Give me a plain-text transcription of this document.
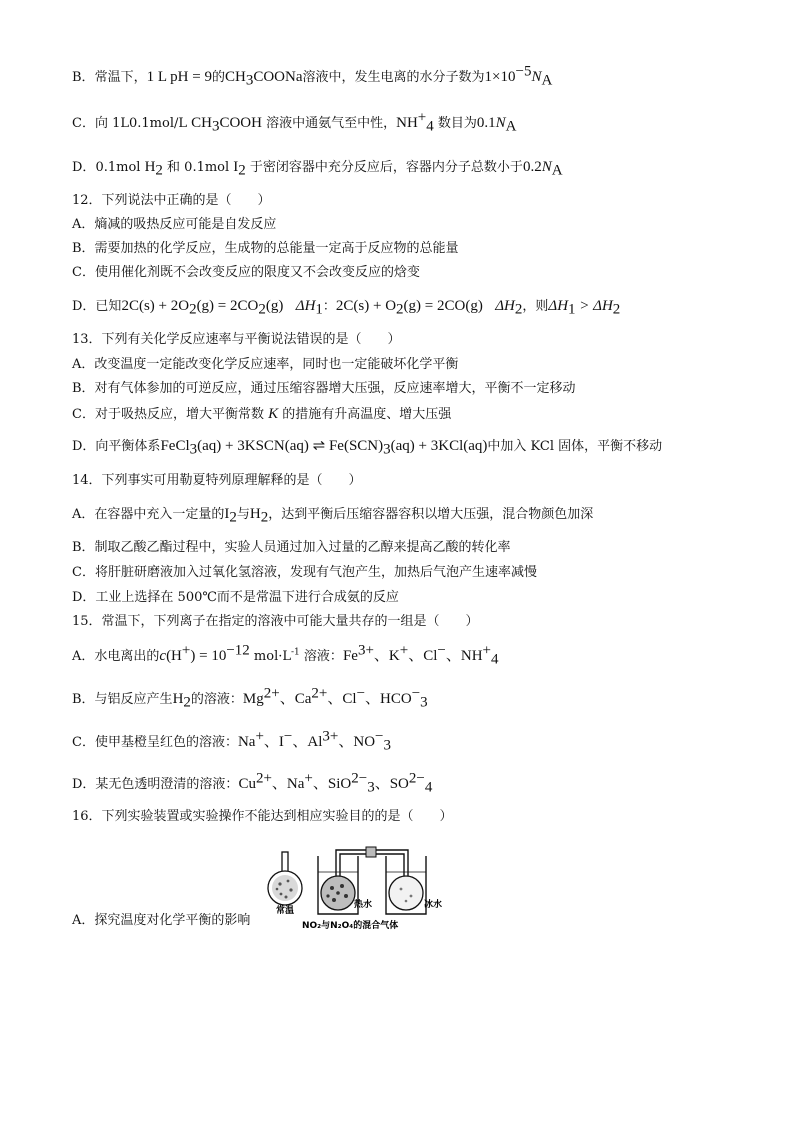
B．常温下，1 L pH = 9的$CH_3COONa$溶液中，发生电离的水分子数为$1\times 10^{-5}N_A$
C．向 1L0.1mol/L $CH_3COOH$ 溶液中通氨气至中性，$NH^+_4$ 数目为$0.1N_A$
D．0.1mol $H_2$ 和 0.1mol $I_2$ 于密闭容器中充分反应后，容器内分子总数小于$0.2N_A$
12．下列说法中正确的是（　　）
A．熵减的吸热反应可能是自发反应
B．需要加热的化学反应，生成物的总能量一定高于反应物的总能量
C．使用催化剂既不会改变反应的限度又不会改变反应的焓变
D．已知$2C(s) + 2O_2(g) = 2CO_2(g)$ $\Delta H_1$：$2C(s) + O_2(g) = 2CO(g)$ $\Delta H_2$，则$\Delta H_1 > \Delta H_2$
13．下列有关化学反应速率与平衡说法错误的是（　　）
A．改变温度一定能改变化学反应速率，同时也一定能破坏化学平衡
B．对有气体参加的可逆反应，通过压缩容器增大压强，反应速率增大，平衡不一定移动
C．对于吸热反应，增大平衡常数 K 的措施有升高温度、增大压强
D．向平衡体系FeCl$_3$(aq) + 3KSCN(aq) ⇌ $Fe(SCN)_3(aq) + 3KCl(aq)$中加入 KCl 固体，平衡不移动
14．下列事实可用勒夏特列原理解释的是（　　）
A．在容器中充入一定量的$I_2$与$H_2$，达到平衡后压缩容器容积以增大压强，混合物颜色加深
B．制取乙酸乙酯过程中，实验人员通过加入过量的乙醇来提高乙酸的转化率
C．将肝脏研磨液加入过氧化氢溶液，发现有气泡产生，加热后气泡产生速率减慢
D．工业上选择在 500℃而不是常温下进行合成氨的反应
15．常温下，下列离子在指定的溶液中可能大量共存的一组是（　　）
A．水电离出的$c(H^+) = 10^{-12}$ $mol\cdot L^{-1}$ 溶液：$Fe^{3+}$、K+、Cl−、$NH^+_4$
B．与铝反应产生$H_2$的溶液：$Mg^{2+}$、$Ca^{2+}$、Cl−、$HCO^-_3$
C．使甲基橙呈红色的溶液：Na+、I−、$Al^{3+}$、$NO^-_3$
D．某无色透明澄清的溶液：$Cu^{2+}$、Na+、SiO$^{2-}_3$、$SO^{2-}_4$
16．下列实验装置或实验操作不能达到相应实验目的的是（　　）
A．探究温度对化学平衡的影响
常温
热水	冰水
NO₂与N₂O₄的混合气体
